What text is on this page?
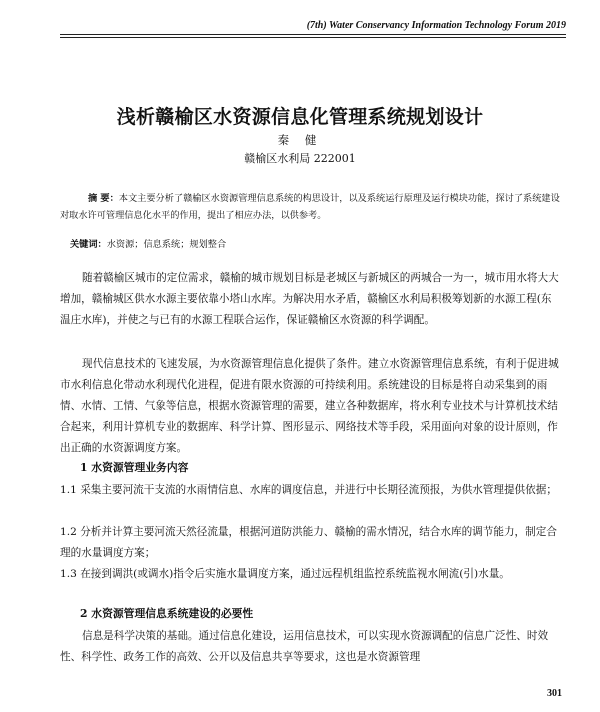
(7th) Water Conservancy Information Technology Forum 2019
浅析赣榆区水资源信息化管理系统规划设计
秦 健
赣榆区水利局 222001

摘 要：本文主要分析了赣榆区水资源管理信息系统的构思设计，以及系统运行原理及运行模块功能，探讨了系统建设对取水许可管理信息化水平的作用，提出了相应办法，以供参考。

关键词：水资源；信息系统；规划整合

随着赣榆区城市的定位需求，赣榆的城市规划目标是老城区与新城区的两城合一为一，城市用水将大大增加，赣榆城区供水水源主要依靠小塔山水库。为解决用水矛盾，赣榆区水利局积极筹划新的水源工程(东温庄水库)，并使之与已有的水源工程联合运作，保证赣榆区水资源的科学调配。

现代信息技术的飞速发展，为水资源管理信息化提供了条件。建立水资源管理信息系统，有利于促进城市水利信息化带动水利现代化进程，促进有限水资源的可持续利用。系统建设的目标是将自动采集到的雨情、水情、工情、气象等信息，根据水资源管理的需要，建立各种数据库，将水利专业技术与计算机技术结合起来，利用计算机专业的数据库、科学计算、图形显示、网络技术等手段，采用面向对象的设计原则，作出正确的水资源调度方案。

1 水资源管理业务内容

1.1 采集主要河流干支流的水雨情信息、水库的调度信息，并进行中长期径流预报，为供水管理提供依据；

1.2 分析并计算主要河流天然径流量，根据河道防洪能力、赣榆的需水情况，结合水库的调节能力，制定合理的水量调度方案；

1.3 在接到调洪(或调水)指令后实施水量调度方案，通过远程机组监控系统监视水闸流(引)水量。

2 水资源管理信息系统建设的必要性

信息是科学决策的基础。通过信息化建设，运用信息技术，可以实现水资源调配的信息广泛性、时效性、科学性、政务工作的高效、公开以及信息共享等要求，这也是水资源管理

301
